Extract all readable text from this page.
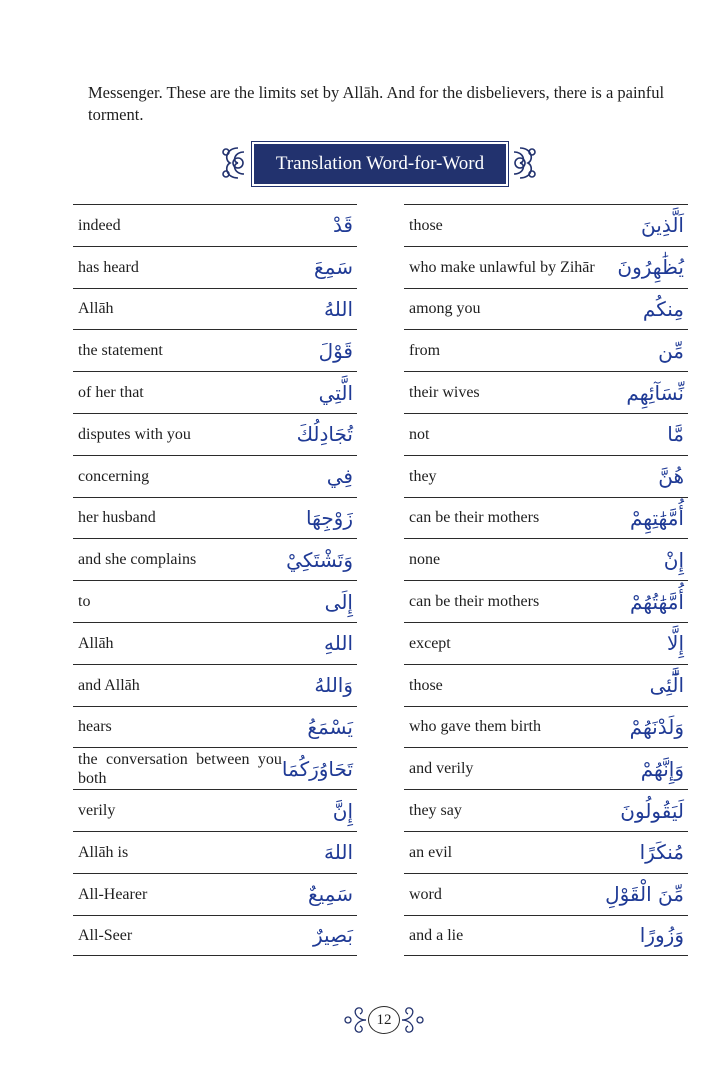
Messenger. These are the limits set by Allāh. And for the disbelievers, there is a painful torment.

Translation Word-for-Word
indeed	قَدْ
has heard	سَمِعَ
Allāh	اللهُ
the statement	قَوْلَ
of her that	الَّتِي
disputes with you	تُجَادِلُكَ
concerning	فِي
her husband	زَوْجِهَا
and she complains	وَتَشْتَكِيْ
to	إِلَى
Allāh	اللهِ
and Allāh	وَاللهُ
hears	يَسْمَعُ
the conversation between you both	تَحَاوُرَكُمَا
verily	إِنَّ
Allāh is	اللهَ
All-Hearer	سَمِيعٌ
All-Seer	بَصِيرٌ
those	اَلَّذِينَ
who make unlawful by Zihār	يُظَٰهِرُونَ
among you	مِنكُم
from	مِّن
their wives	نِّسَآئِهِم
not	مَّا
they	هُنَّ
can be their mothers	أُمَّهَٰتِهِمْ
none	إِنْ
can be their mothers	أُمَّهَٰتُهُمْ
except	إِلَّا
those	الَّٰٓئِى
who gave them birth	وَلَدْنَهُمْ
and verily	وَإِنَّهُمْ
they say	لَيَقُولُونَ
an evil	مُنكَرًا
word	مِّنَ الْقَوْلِ
and a lie	وَزُورًا
12
